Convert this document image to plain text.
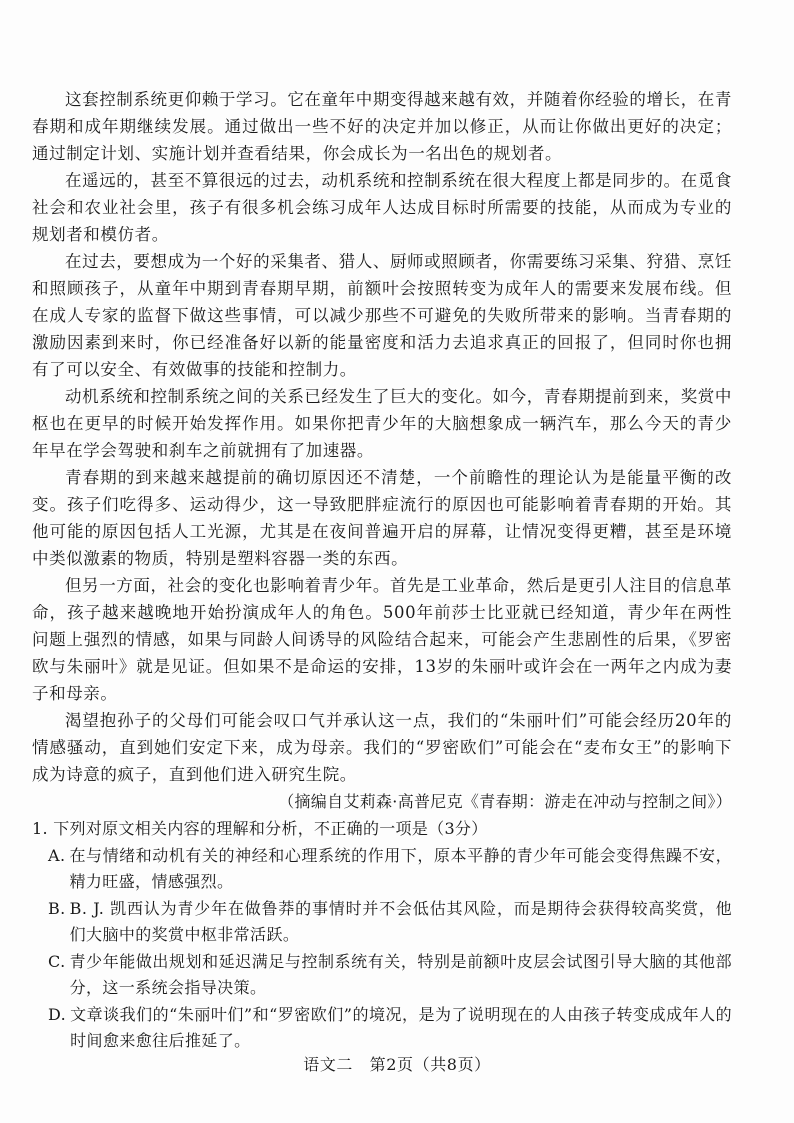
这套控制系统更仰赖于学习。它在童年中期变得越来越有效，并随着你经验的增长，在青春期和成年期继续发展。通过做出一些不好的决定并加以修正，从而让你做出更好的决定；通过制定计划、实施计划并查看结果，你会成长为一名出色的规划者。

在遥远的，甚至不算很远的过去，动机系统和控制系统在很大程度上都是同步的。在觅食社会和农业社会里，孩子有很多机会练习成年人达成目标时所需要的技能，从而成为专业的规划者和模仿者。

在过去，要想成为一个好的采集者、猎人、厨师或照顾者，你需要练习采集、狩猎、烹饪和照顾孩子，从童年中期到青春期早期，前额叶会按照转变为成年人的需要来发展布线。但在成人专家的监督下做这些事情，可以减少那些不可避免的失败所带来的影响。当青春期的激励因素到来时，你已经准备好以新的能量密度和活力去追求真正的回报了，但同时你也拥有了可以安全、有效做事的技能和控制力。

动机系统和控制系统之间的关系已经发生了巨大的变化。如今，青春期提前到来，奖赏中枢也在更早的时候开始发挥作用。如果你把青少年的大脑想象成一辆汽车，那么今天的青少年早在学会驾驶和刹车之前就拥有了加速器。

青春期的到来越来越提前的确切原因还不清楚，一个前瞻性的理论认为是能量平衡的改变。孩子们吃得多、运动得少，这一导致肥胖症流行的原因也可能影响着青春期的开始。其他可能的原因包括人工光源，尤其是在夜间普遍开启的屏幕，让情况变得更糟，甚至是环境中类似激素的物质，特别是塑料容器一类的东西。

但另一方面，社会的变化也影响着青少年。首先是工业革命，然后是更引人注目的信息革命，孩子越来越晚地开始扮演成年人的角色。500年前莎士比亚就已经知道，青少年在两性问题上强烈的情感，如果与同龄人间诱导的风险结合起来，可能会产生悲剧性的后果，《罗密欧与朱丽叶》就是见证。但如果不是命运的安排，13岁的朱丽叶或许会在一两年之内成为妻子和母亲。

渴望抱孙子的父母们可能会叹口气并承认这一点，我们的“朱丽叶们”可能会经历20年的情感骚动，直到她们安定下来，成为母亲。我们的“罗密欧们”可能会在“麦布女王”的影响下成为诗意的疯子，直到他们进入研究生院。

（摘编自艾莉森·高普尼克《青春期：游走在冲动与控制之间》）

1. 下列对原文相关内容的理解和分析，不正确的一项是（3分）

A. 在与情绪和动机有关的神经和心理系统的作用下，原本平静的青少年可能会变得焦躁不安，精力旺盛，情感强烈。
B. B. J. 凯西认为青少年在做鲁莽的事情时并不会低估其风险，而是期待会获得较高奖赏，他们大脑中的奖赏中枢非常活跃。
C. 青少年能做出规划和延迟满足与控制系统有关，特别是前额叶皮层会试图引导大脑的其他部分，这一系统会指导决策。
D. 文章谈我们的“朱丽叶们”和“罗密欧们”的境况，是为了说明现在的人由孩子转变成成年人的时间愈来愈往后推延了。
语文二　第2页（共8页）
